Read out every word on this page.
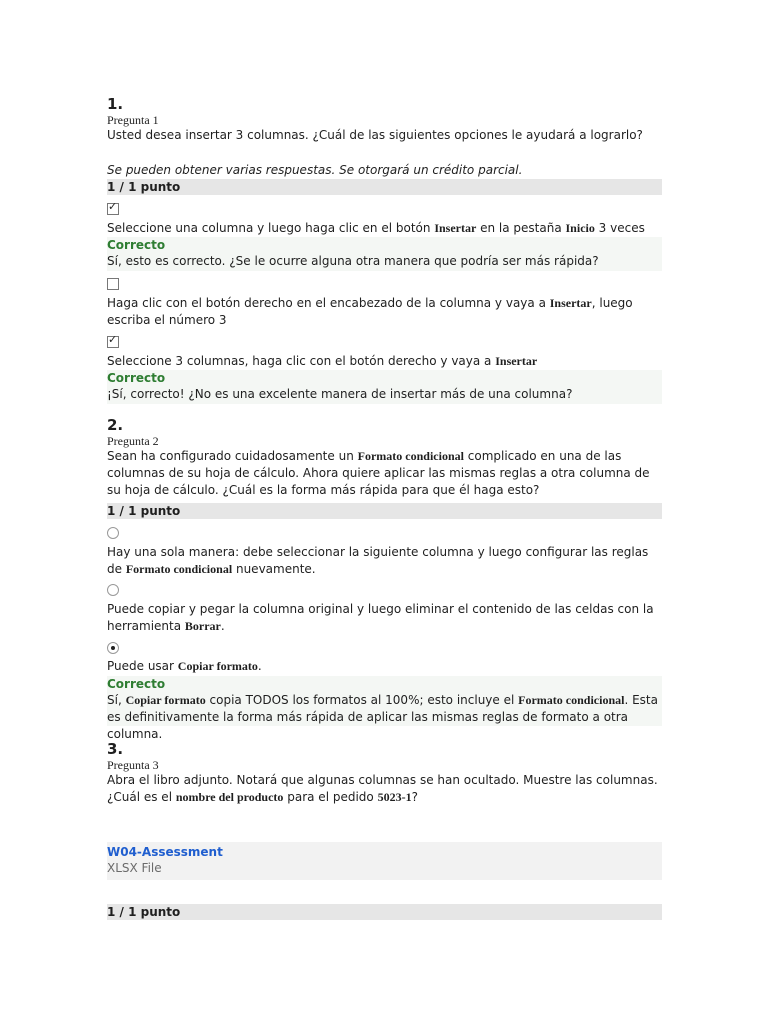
1.
Pregunta 1
Usted desea insertar 3 columnas. ¿Cuál de las siguientes opciones le ayudará a lograrlo?
Se pueden obtener varias respuestas. Se otorgará un crédito parcial.
1 / 1 punto
✓
Seleccione una columna y luego haga clic en el botón Insertar en la pestaña Inicio 3 veces
Correcto
Sí, esto es correcto. ¿Se le ocurre alguna otra manera que podría ser más rápida?
Haga clic con el botón derecho en el encabezado de la columna y vaya a Insertar, luego escriba el número 3
✓
Seleccione 3 columnas, haga clic con el botón derecho y vaya a Insertar
Correcto
¡Sí, correcto! ¿No es una excelente manera de insertar más de una columna?
2.
Pregunta 2
Sean ha configurado cuidadosamente un Formato condicional complicado en una de las columnas de su hoja de cálculo. Ahora quiere aplicar las mismas reglas a otra columna de su hoja de cálculo. ¿Cuál es la forma más rápida para que él haga esto?
1 / 1 punto
Hay una sola manera: debe seleccionar la siguiente columna y luego configurar las reglas de Formato condicional nuevamente.
Puede copiar y pegar la columna original y luego eliminar el contenido de las celdas con la herramienta Borrar.
Puede usar Copiar formato.
Correcto
Sí, Copiar formato copia TODOS los formatos al 100%; esto incluye el Formato condicional. Esta es definitivamente la forma más rápida de aplicar las mismas reglas de formato a otra columna.
3.
Pregunta 3
Abra el libro adjunto. Notará que algunas columnas se han ocultado. Muestre las columnas. ¿Cuál es el nombre del producto para el pedido 5023-1?
W04-Assessment
XLSX File
1 / 1 punto
